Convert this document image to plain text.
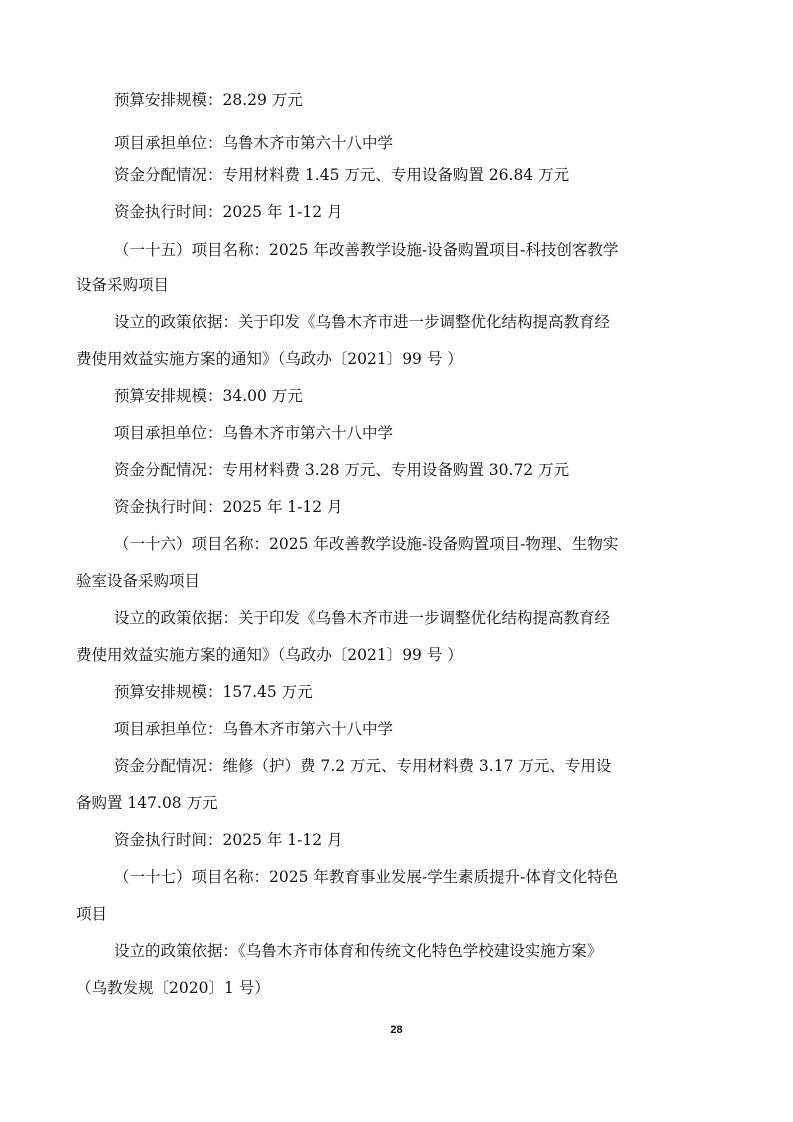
预算安排规模：28.29 万元
项目承担单位：乌鲁木齐市第六十八中学
资金分配情况：专用材料费 1.45 万元、专用设备购置 26.84 万元
资金执行时间：2025 年 1-12 月
（一十五）项目名称：2025 年改善教学设施-设备购置项目-科技创客教学
设备采购项目
设立的政策依据：关于印发《乌鲁木齐市进一步调整优化结构提高教育经
费使用效益实施方案的通知》（乌政办〔2021〕99 号 ）
预算安排规模：34.00 万元
项目承担单位：乌鲁木齐市第六十八中学
资金分配情况：专用材料费 3.28 万元、专用设备购置 30.72 万元
资金执行时间：2025 年 1-12 月
（一十六）项目名称：2025 年改善教学设施-设备购置项目-物理、生物实
验室设备采购项目
设立的政策依据：关于印发《乌鲁木齐市进一步调整优化结构提高教育经
费使用效益实施方案的通知》（乌政办〔2021〕99 号 ）
预算安排规模：157.45 万元
项目承担单位：乌鲁木齐市第六十八中学
资金分配情况：维修（护）费 7.2 万元、专用材料费 3.17 万元、专用设
备购置 147.08 万元
资金执行时间：2025 年 1-12 月
（一十七）项目名称：2025 年教育事业发展-学生素质提升-体育文化特色
项目
设立的政策依据：《乌鲁木齐市体育和传统文化特色学校建设实施方案》
（乌教发规〔2020〕1 号）
28
